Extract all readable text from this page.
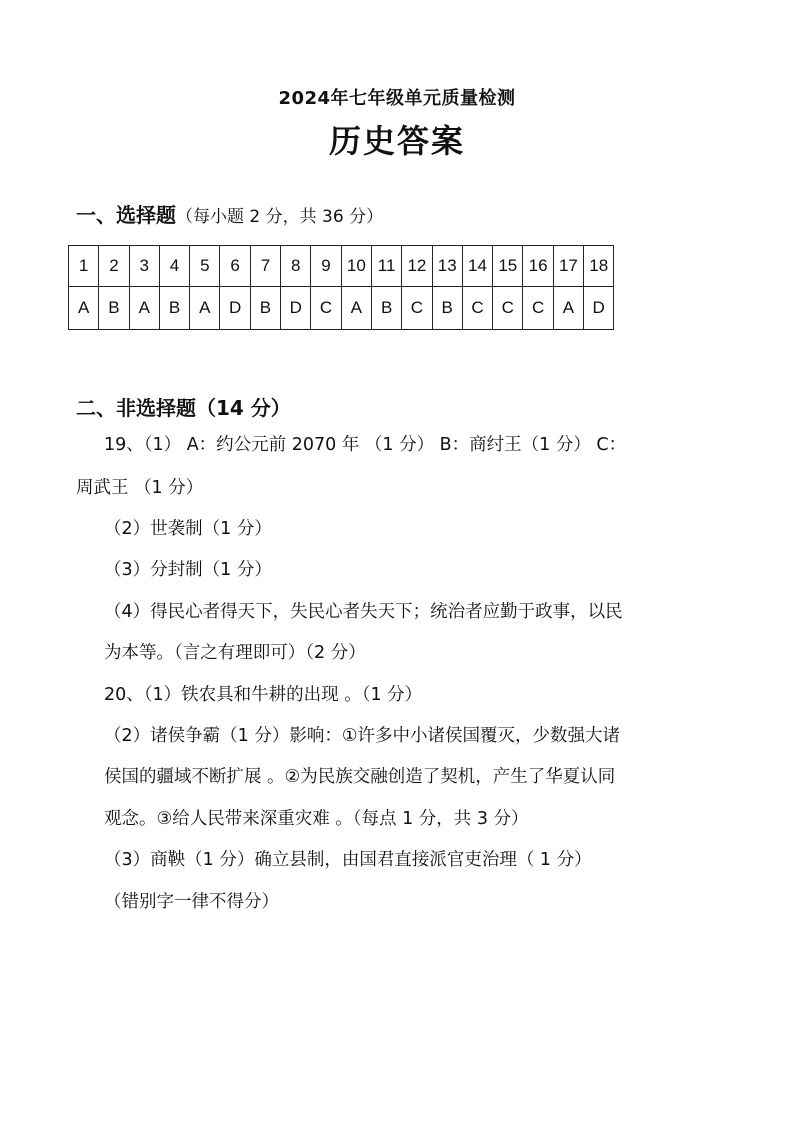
2024年七年级单元质量检测
历史答案
一、选择题（每小题 2 分，共 36 分）
1	2	3	4	5	6	7	8	9	10	11	12	13	14	15	16	17	18
A	B	A	B	A	D	B	D	C	A	B	C	B	C	C	C	A	D
二、非选择题（14 分）
19、（1） A：约公元前 2070 年 （1 分） B：商纣王（1 分） C：
周武王 （1 分）
（2）世袭制（1 分）
（3）分封制（1 分）
（4）得民心者得天下，失民心者失天下；统治者应勤于政事，以民
为本等。（言之有理即可）（2 分）
20、（1）铁农具和牛耕的出现 。（1 分）
（2）诸侯争霸（1 分）影响：①许多中小诸侯国覆灭，少数强大诸
侯国的疆域不断扩展 。②为民族交融创造了契机，产生了华夏认同
观念。③给人民带来深重灾难 。（每点 1 分，共 3 分）
（3）商鞅（1 分）确立县制，由国君直接派官吏治理（ 1 分）
（错别字一律不得分）
